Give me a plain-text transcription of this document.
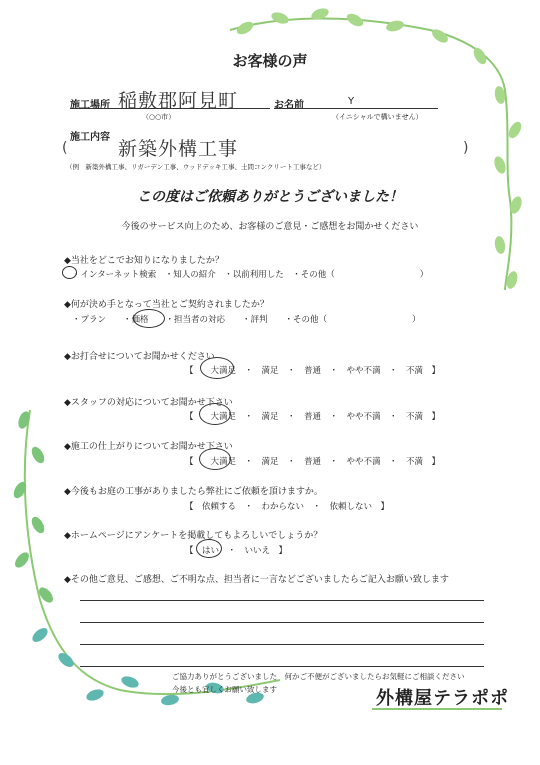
お客様の声
施工場所 稲敷郡阿見町
（○○市）
お名前	Y
（イニシャルで構いません）
施工内容
(	新築外構工事	)
（例　新築外構工事、リガーデン工事、ウッドデッキ工事、土間コンクリート工事など）
この度はご依頼ありがとうございました！
今後のサービス向上のため、お客様のご意見・ご感想をお聞かせください
◆当社をどこでお知りになりましたか？
・インターネット検索　・知人の紹介　・以前利用した　・その他（　　　　　　　　　　）
◆何が決め手となって当社とご契約されましたか？
・プラン　　・価格　　・担当者の対応　　・評判　　・その他（　　　　　　　　　　）
◆お打合せについてお聞かせください
【　　大満足　・　満足　・　普通　・　やや不満　・　不満　】
◆スタッフの対応についてお聞かせ下さい
【　　大満足　・　満足　・　普通　・　やや不満　・　不満　】
◆施工の仕上がりについてお聞かせ下さい
【　　大満足　・　満足　・　普通　・　やや不満　・　不満　】
◆今後もお庭の工事がありましたら弊社にご依頼を頂けますか。
【　依頼する　・　わからない　・　依頼しない　】
◆ホームページにアンケートを掲載してもよろしいでしょうか？
【　はい　・　いいえ　】
◆その他ご意見、ご感想、ご不明な点、担当者に一言などございましたらご記入お願い致します
ご協力ありがとうございました　何かご不便がございましたらお気軽にご相談ください
今後とも宜しくお願い致します	外構屋テラポポ
